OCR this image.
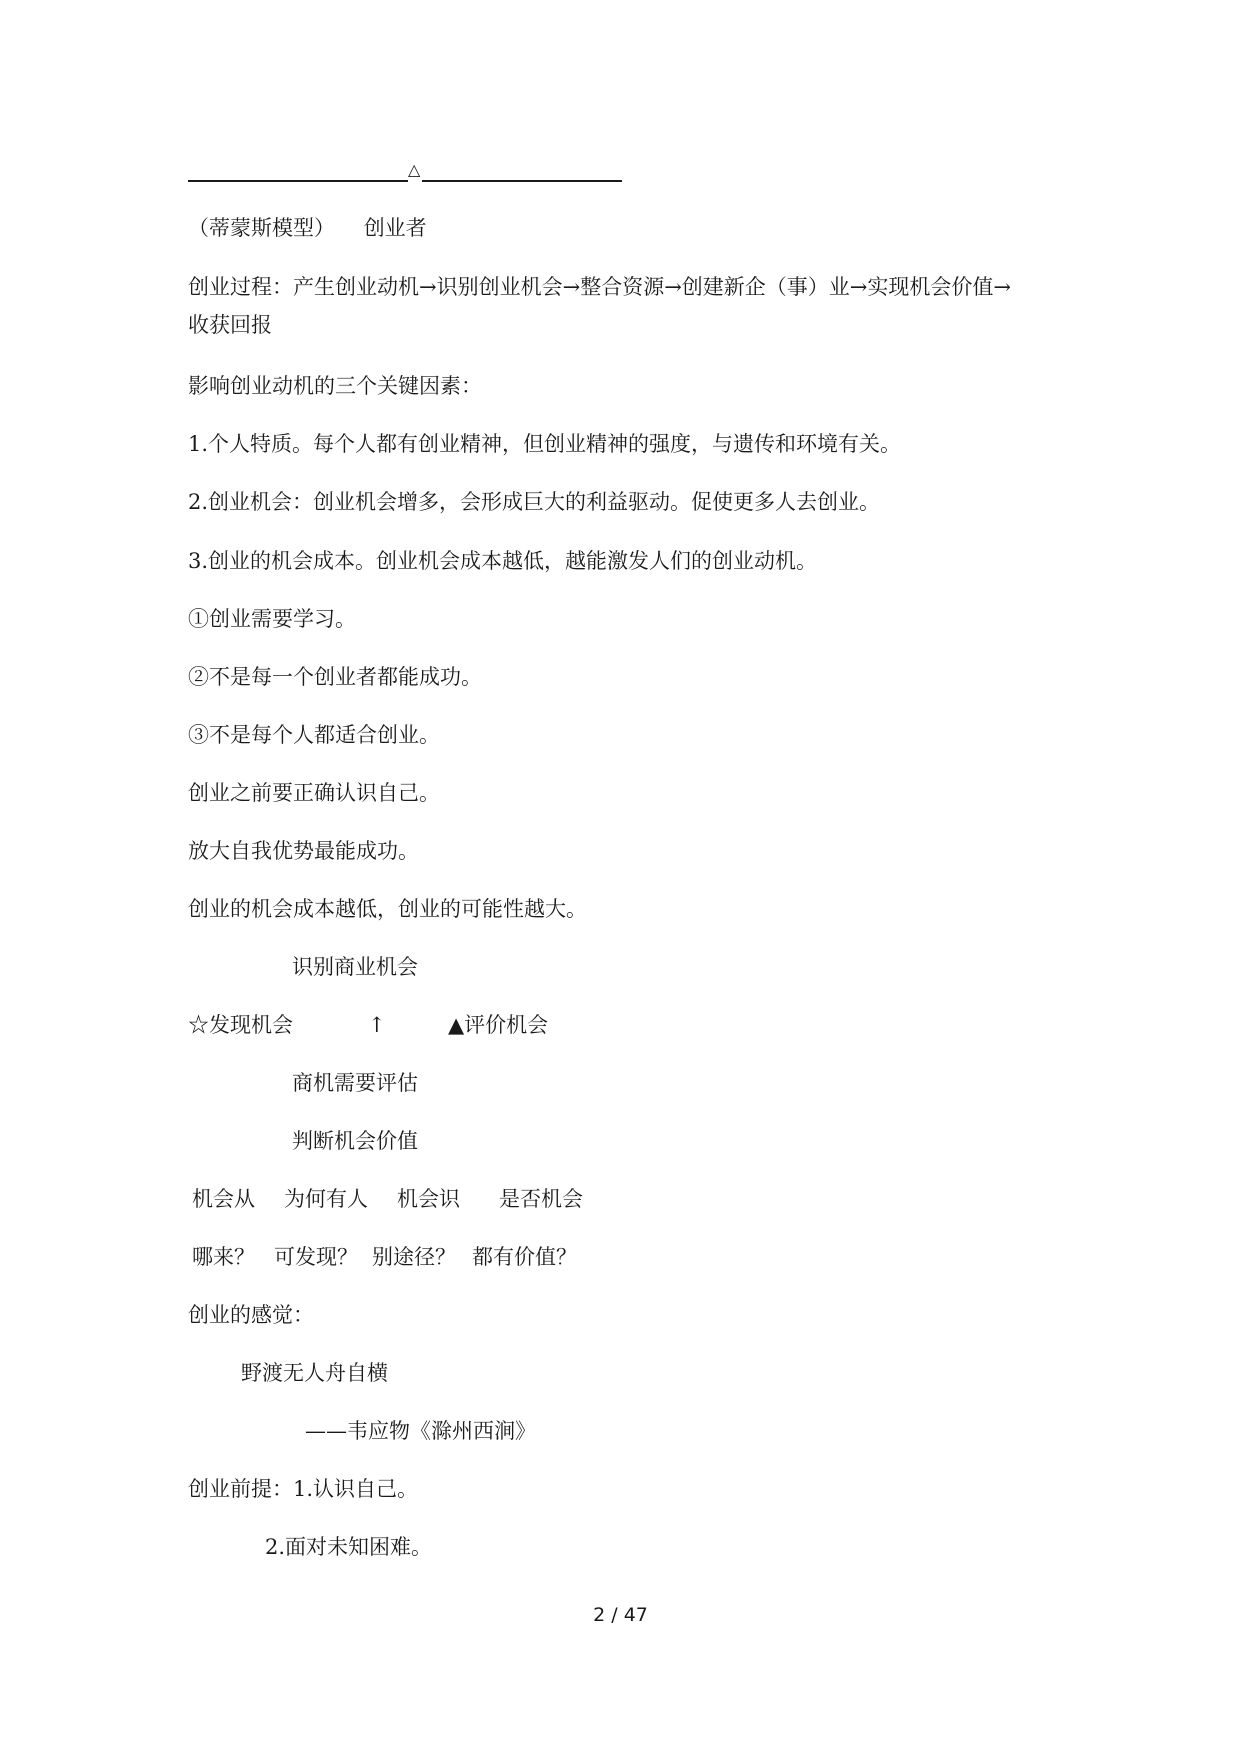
△
（蒂蒙斯模型） 创业者
创业过程：产生创业动机→识别创业机会→整合资源→创建新企（事）业→实现机会价值→
收获回报
影响创业动机的三个关键因素：
1.个人特质。每个人都有创业精神，但创业精神的强度，与遗传和环境有关。
2.创业机会：创业机会增多，会形成巨大的利益驱动。促使更多人去创业。
3.创业的机会成本。创业机会成本越低，越能激发人们的创业动机。
①创业需要学习。
②不是每一个创业者都能成功。
③不是每个人都适合创业。
创业之前要正确认识自己。
放大自我优势最能成功。
创业的机会成本越低，创业的可能性越大。
识别商业机会
☆发现机会	↑	▲评价机会
商机需要评估
判断机会价值
机会从 为何有人 机会识 是否机会
哪来？ 可发现？ 别途径？ 都有价值？
创业的感觉：
野渡无人舟自横
——韦应物《滁州西涧》
创业前提：1.认识自己。
2.面对未知困难。
2 / 47
